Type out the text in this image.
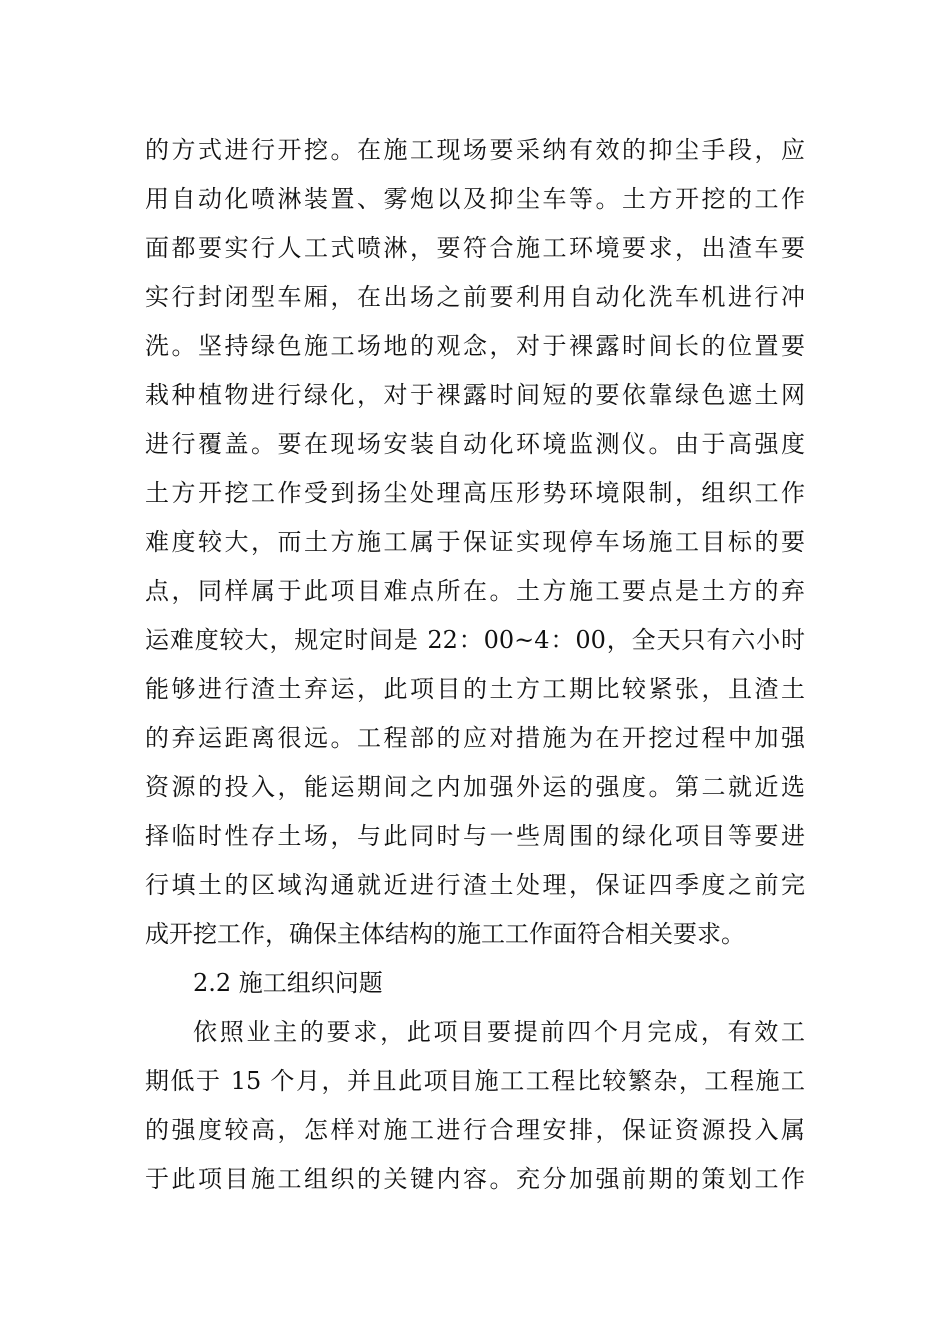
的方式进行开挖。在施工现场要采纳有效的抑尘手段，应
用自动化喷淋装置、雾炮以及抑尘车等。土方开挖的工作
面都要实行人工式喷淋，要符合施工环境要求，出渣车要
实行封闭型车厢，在出场之前要利用自动化洗车机进行冲
洗。坚持绿色施工场地的观念，对于裸露时间长的位置要
栽种植物进行绿化，对于裸露时间短的要依靠绿色遮土网
进行覆盖。要在现场安装自动化环境监测仪。由于高强度
土方开挖工作受到扬尘处理高压形势环境限制，组织工作
难度较大，而土方施工属于保证实现停车场施工目标的要
点，同样属于此项目难点所在。土方施工要点是土方的弃
运难度较大，规定时间是 22：00~4：00，全天只有六小时
能够进行渣土弃运，此项目的土方工期比较紧张，且渣土
的弃运距离很远。工程部的应对措施为在开挖过程中加强
资源的投入，能运期间之内加强外运的强度。第二就近选
择临时性存土场，与此同时与一些周围的绿化项目等要进
行填土的区域沟通就近进行渣土处理，保证四季度之前完
成开挖工作，确保主体结构的施工工作面符合相关要求。
2.2 施工组织问题
依照业主的要求，此项目要提前四个月完成，有效工
期低于 15 个月，并且此项目施工工程比较繁杂，工程施工
的强度较高，怎样对施工进行合理安排，保证资源投入属
于此项目施工组织的关键内容。充分加强前期的策划工作
